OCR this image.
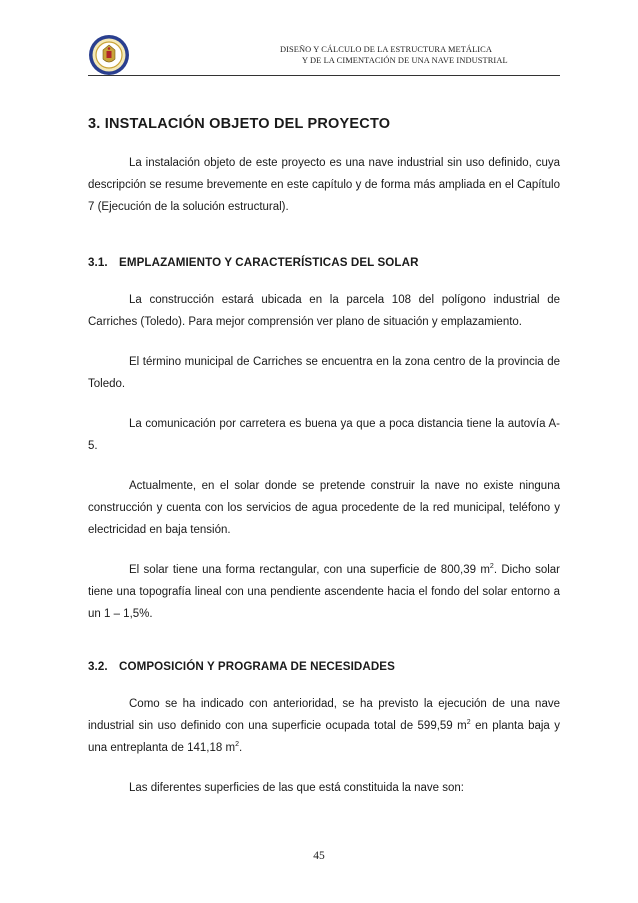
DISEÑO Y CÁLCULO DE LA ESTRUCTURA METÁLICA
Y DE LA CIMENTACIÓN DE UNA NAVE INDUSTRIAL
3. INSTALACIÓN OBJETO DEL PROYECTO

La instalación objeto de este proyecto es una nave industrial sin uso definido, cuya descripción se resume brevemente en este capítulo y de forma más ampliada en el Capítulo 7 (Ejecución de la solución estructural).

3.1. EMPLAZAMIENTO Y CARACTERÍSTICAS DEL SOLAR

La construcción estará ubicada en la parcela 108 del polígono industrial de Carriches (Toledo). Para mejor comprensión ver plano de situación y emplazamiento.

El término municipal de Carriches se encuentra en la zona centro de la provincia de Toledo.

La comunicación por carretera es buena ya que a poca distancia tiene la autovía A-5.

Actualmente, en el solar donde se pretende construir la nave no existe ninguna construcción y cuenta con los servicios de agua procedente de la red municipal, teléfono y electricidad en baja tensión.

El solar tiene una forma rectangular, con una superficie de 800,39 $m^2$. Dicho solar tiene una topografía lineal con una pendiente ascendente hacia el fondo del solar entorno a un 1 – 1,5%.

3.2. COMPOSICIÓN Y PROGRAMA DE NECESIDADES

Como se ha indicado con anterioridad, se ha previsto la ejecución de una nave industrial sin uso definido con una superficie ocupada total de 599,59 $m^2$ en planta baja y una entreplanta de 141,18 $m^2$.

Las diferentes superficies de las que está constituida la nave son:

45
